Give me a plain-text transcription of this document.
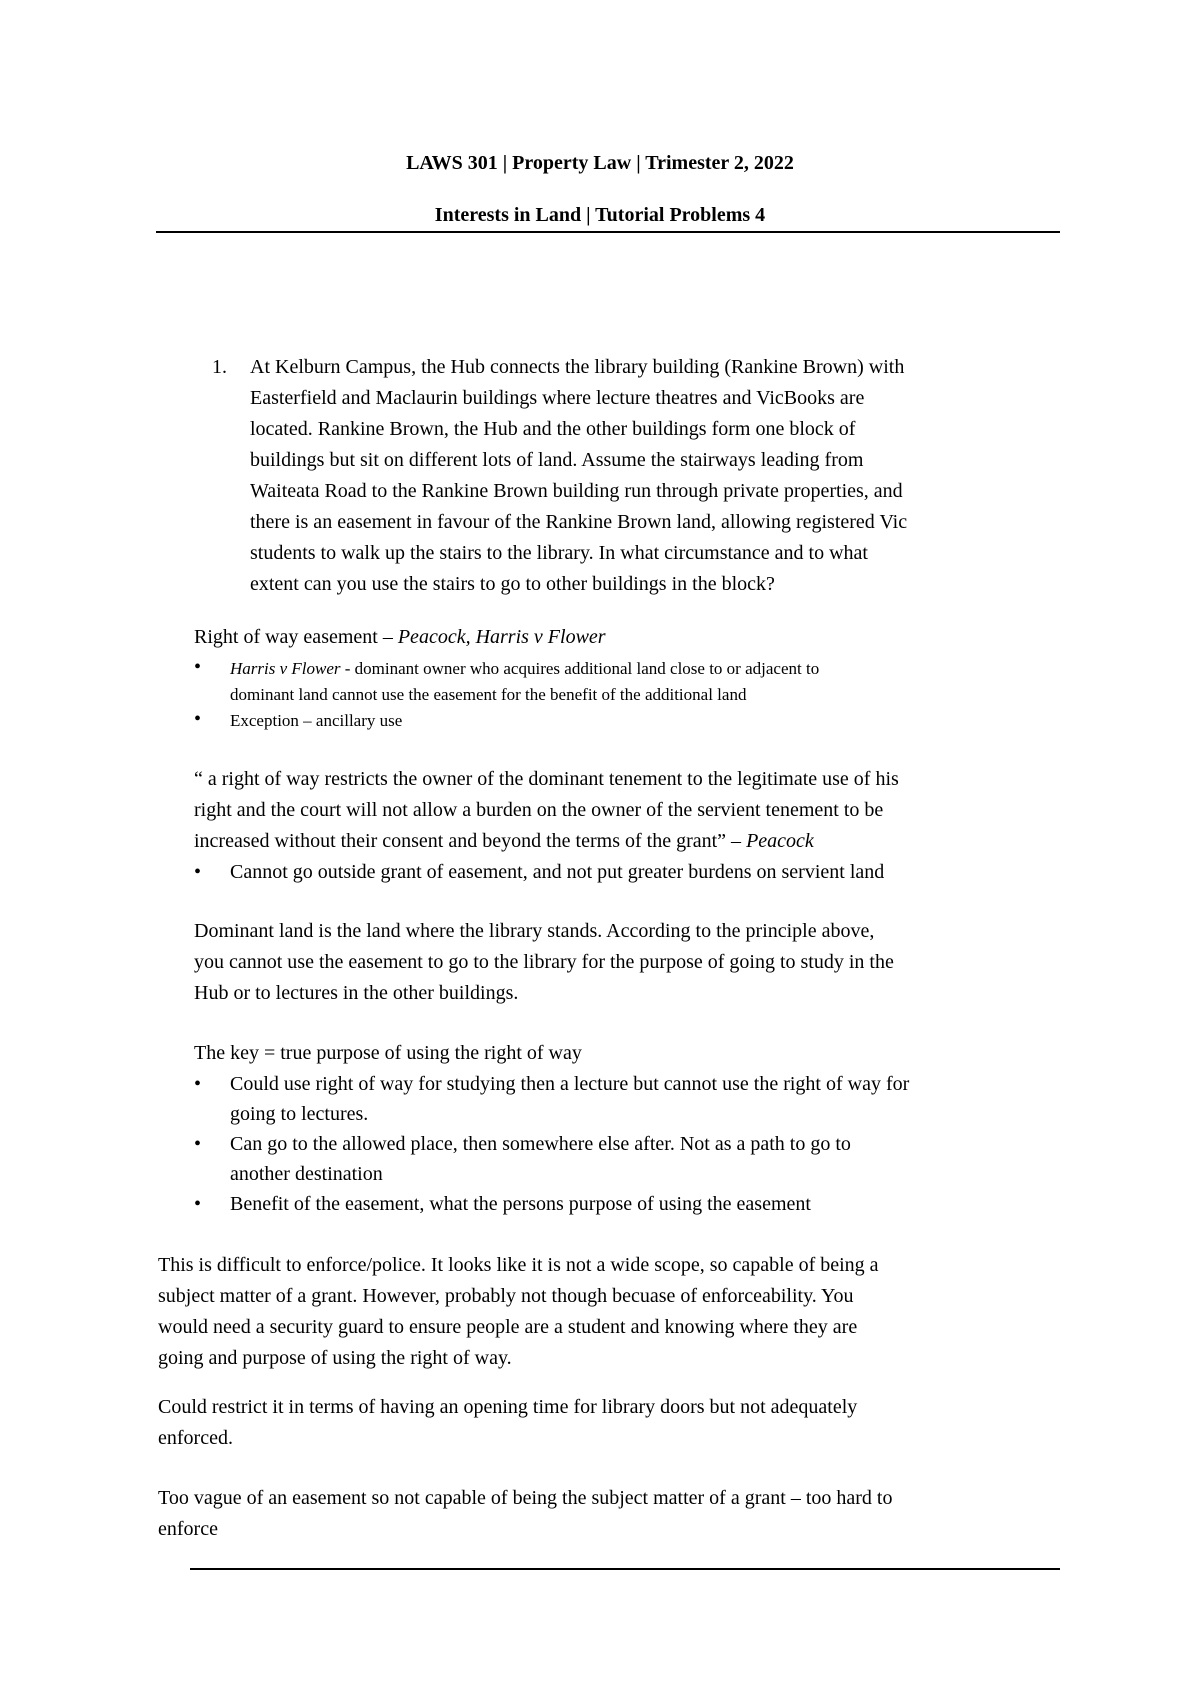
LAWS 301 | Property Law | Trimester 2, 2022
Interests in Land | Tutorial Problems 4
1. At Kelburn Campus, the Hub connects the library building (Rankine Brown) with
Easterfield and Maclaurin buildings where lecture theatres and VicBooks are
located. Rankine Brown, the Hub and the other buildings form one block of
buildings but sit on different lots of land. Assume the stairways leading from
Waiteata Road to the Rankine Brown building run through private properties, and
there is an easement in favour of the Rankine Brown land, allowing registered Vic
students to walk up the stairs to the library. In what circumstance and to what
extent can you use the stairs to go to other buildings in the block?
Right of way easement – Peacock, Harris v Flower
• Harris v Flower - dominant owner who acquires additional land close to or adjacent to
dominant land cannot use the easement for the benefit of the additional land
• Exception – ancillary use
“ a right of way restricts the owner of the dominant tenement to the legitimate use of his
right and the court will not allow a burden on the owner of the servient tenement to be
increased without their consent and beyond the terms of the grant” – Peacock
• Cannot go outside grant of easement, and not put greater burdens on servient land
Dominant land is the land where the library stands. According to the principle above,
you cannot use the easement to go to the library for the purpose of going to study in the
Hub or to lectures in the other buildings.
The key = true purpose of using the right of way
• Could use right of way for studying then a lecture but cannot use the right of way for
going to lectures.
• Can go to the allowed place, then somewhere else after. Not as a path to go to
another destination
• Benefit of the easement, what the persons purpose of using the easement
This is difficult to enforce/police. It looks like it is not a wide scope, so capable of being a
subject matter of a grant. However, probably not though becuase of enforceability. You
would need a security guard to ensure people are a student and knowing where they are
going and purpose of using the right of way.
Could restrict it in terms of having an opening time for library doors but not adequately
enforced.
Too vague of an easement so not capable of being the subject matter of a grant – too hard to
enforce
